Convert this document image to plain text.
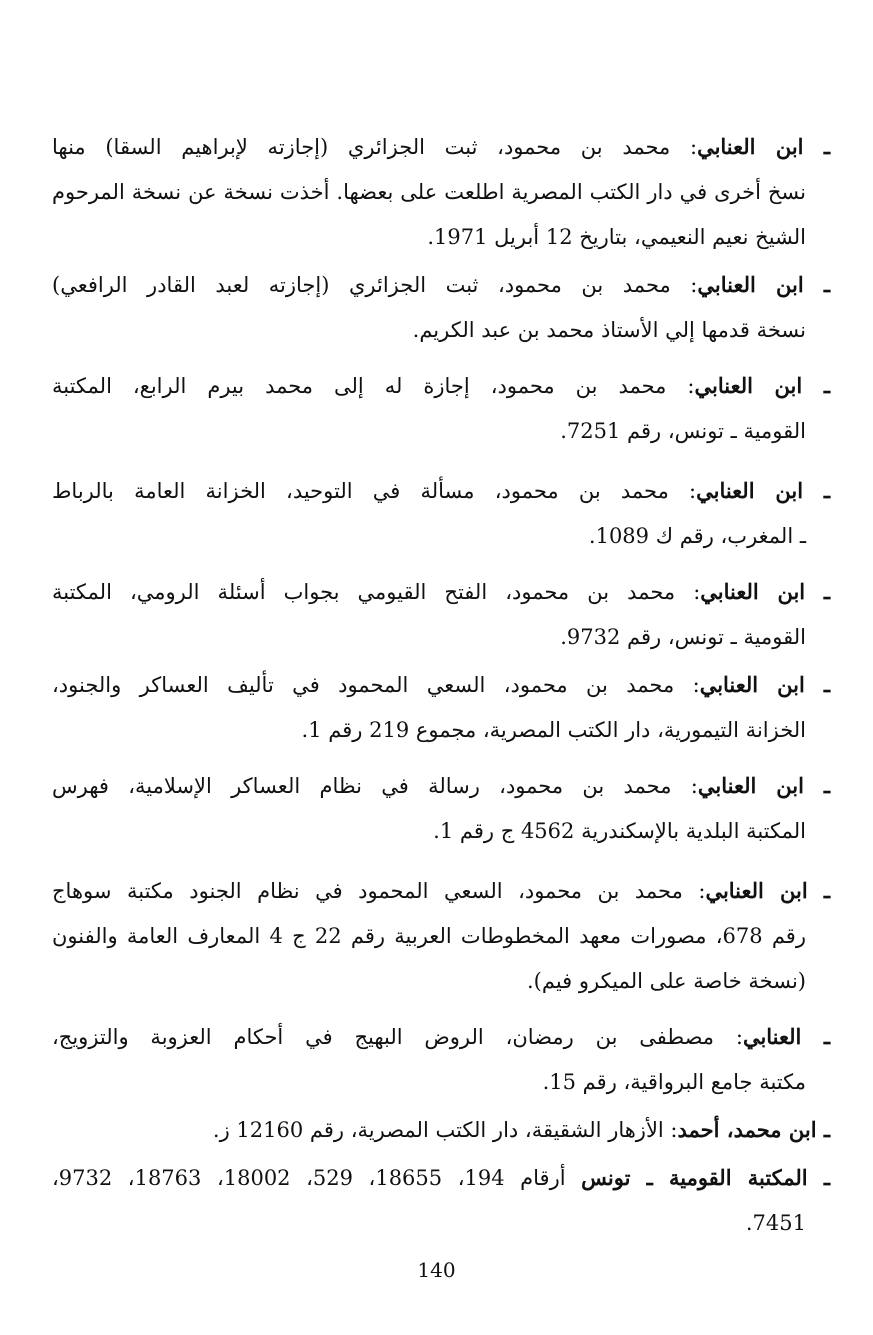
ـ ابن العنابي: محمد بن محمود، ثبت الجزائري (إجازته لإبراهيم السقا) منها
نسخ أخرى في دار الكتب المصرية اطلعت على بعضها. أخذت نسخة عن نسخة المرحوم الشيخ نعيم النعيمي، بتاريخ 12 أبريل 1971.
ـ ابن العنابي: محمد بن محمود، ثبت الجزائري (إجازته لعبد القادر الرافعي)
نسخة قدمها إلي الأستاذ محمد بن عبد الكريم.
ـ ابن العنابي: محمد بن محمود، إجازة له إلى محمد بيرم الرابع، المكتبة
القومية ـ تونس، رقم 7251.
ـ ابن العنابي: محمد بن محمود، مسألة في التوحيد، الخزانة العامة بالرباط
ـ المغرب، رقم ك 1089.
ـ ابن العنابي: محمد بن محمود، الفتح القيومي بجواب أسئلة الرومي، المكتبة
القومية ـ تونس، رقم 9732.
ـ ابن العنابي: محمد بن محمود، السعي المحمود في تأليف العساكر والجنود،
الخزانة التيمورية، دار الكتب المصرية، مجموع 219 رقم 1.
ـ ابن العنابي: محمد بن محمود، رسالة في نظام العساكر الإسلامية، فهرس
المكتبة البلدية بالإسكندرية 4562 ج رقم 1.
ـ ابن العنابي: محمد بن محمود، السعي المحمود في نظام الجنود مكتبة سوهاج
رقم 678، مصورات معهد المخطوطات العربية رقم 22 ج 4 المعارف العامة والفنون (نسخة خاصة على الميكرو فيم).
ـ العنابي: مصطفى بن رمضان، الروض البهيج في أحكام العزوبة والتزويج،
مكتبة جامع البرواقية، رقم 15.
ـ ابن محمد، أحمد: الأزهار الشقيقة، دار الكتب المصرية، رقم 12160 ز.
ـ المكتبة القومية ـ تونس أرقام 194، 18655، 529، 18002، 18763، 9732،
7451.
140
